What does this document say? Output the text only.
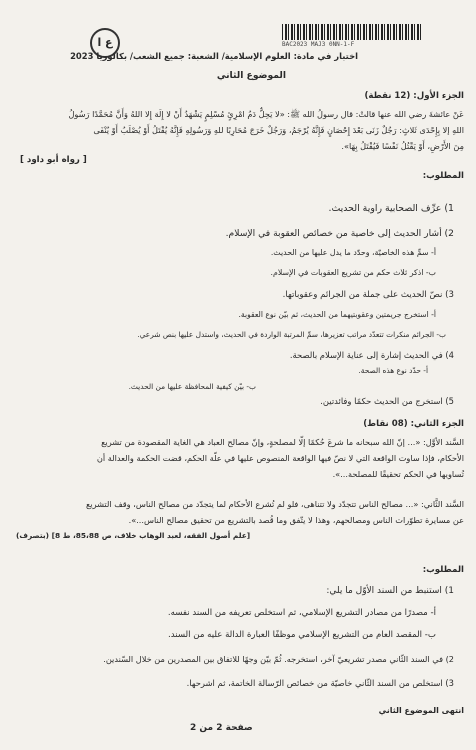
ع ا	BAC2023 MAJ3 0NN-1-F
اختبار في مادة: العلوم الإسلامية/ الشعبة: جميع الشعب/ بكالوريا 2023
الموضوع الثاني
الجزء الأول: (12 نقطة)
عَنْ عائشةَ رضي الله عنها قالتْ: قال رسولُ الله ﷺ: «لا يَحِلُّ دَمُ امْرِئٍ مُسْلِمٍ يَشْهَدُ أَنْ لا إِلَهَ إِلا اللهُ وَأَنَّ مُحَمَّدًا رَسُولُ
اللهِ إلا بِإِحْدَى ثَلاثٍ: رَجُلٌ زَنَى بَعْدَ إِحْصَانٍ فَإِنَّهُ يُرْجَمُ، وَرَجُلٌ خَرَجَ مُحَارِبًا للهِ وَرَسُولِهِ فَإِنَّهُ يُقْتَلُ أَوْ يُصْلَبُ أَوْ يُنْفَى
مِنَ الأَرْضِ، أَوْ يَقْتُلُ نَفْسًا فَيُقْتَلُ بِهَا».
[ رواه أبو داود ]
المطلوب:
1) عرِّف الصحابية راوية الحديث.
2) أشار الحديث إلى خاصية من خصائص العقوبة في الإسلام.
أ- سمِّ هذه الخاصيّة، وحدّد ما يدل عليها من الحديث.
ب- اذكر ثلاث حكم من تشريع العقوبات في الإسلام.
3) نصّ الحديث على جملة من الجرائم وعقوباتها.
أ- استخرج جريمتين وعقوبتيهما من الحديث، ثم بيّن نوع العقوبة.
ب- الجرائم منكرات تتعدّد مراتب تعزيرها، سمِّ المرتبة الواردة في الحديث، واستدل عليها بنص شرعي.
4) في الحديث إشارة إلى عناية الإسلام بالصحة.
أ- حدّد نوع هذه الصحة.
ب- بيّن كيفية المحافظة عليها من الحديث.
5) استخرج من الحديث حكمًا وفائدتين.
الجزء الثاني: (08 نقاط)
السَّند الأوَّل: «... إنّ الله سبحانه ما شرعَ حُكمًا إلّا لمصلحةٍ، وإنّ مصالح العباد هي الغاية المقصودة من تشريع
الأحكام، فإذا ساوت الواقعة التي لا نصّ فيها الواقعة المنصوص عليها في علّة الحكم، قضت الحكمة والعدالة أن
تُساويها في الحكم تحقيقًا للمصلحة...».
السَّند الثَّاني: «... مصالح الناس تتجدّد ولا تتناهى، فلو لم تُشرع الأحكام لما يتجدّد من مصالح الناس، وقف التشريع
عن مسايرة تطوّرات الناس ومصالحهم، وهذا لا يتّفق وما قُصد بالتشريع من تحقيق مصالح الناس...».
[علم أصول الفقه، لعبد الوهاب خلاف، ص 85،88، ط 8] (بتصرف)
المطلوب:
1) استنبط من السند الأوّل ما يلي:
أ- مصدرًا من مصادر التشريع الإسلامي، ثم استخلص تعريفه من السند نفسه.
ب- المقصد العام من التشريع الإسلامي موظفًا العبارة الدالة عليه من السند.
2) في السند الثّاني مصدر تشريعيّ آخر، استخرجه. ثُمّ بيّن وجهًا للاتفاق بين المصدرين من خلال السّندين.
3) استخلص من السند الثّاني خاصيّة من خصائص الرّسالة الخاتمة، ثم اشرحها.
انتهى الموضوع الثاني
صفحة 2 من 2
